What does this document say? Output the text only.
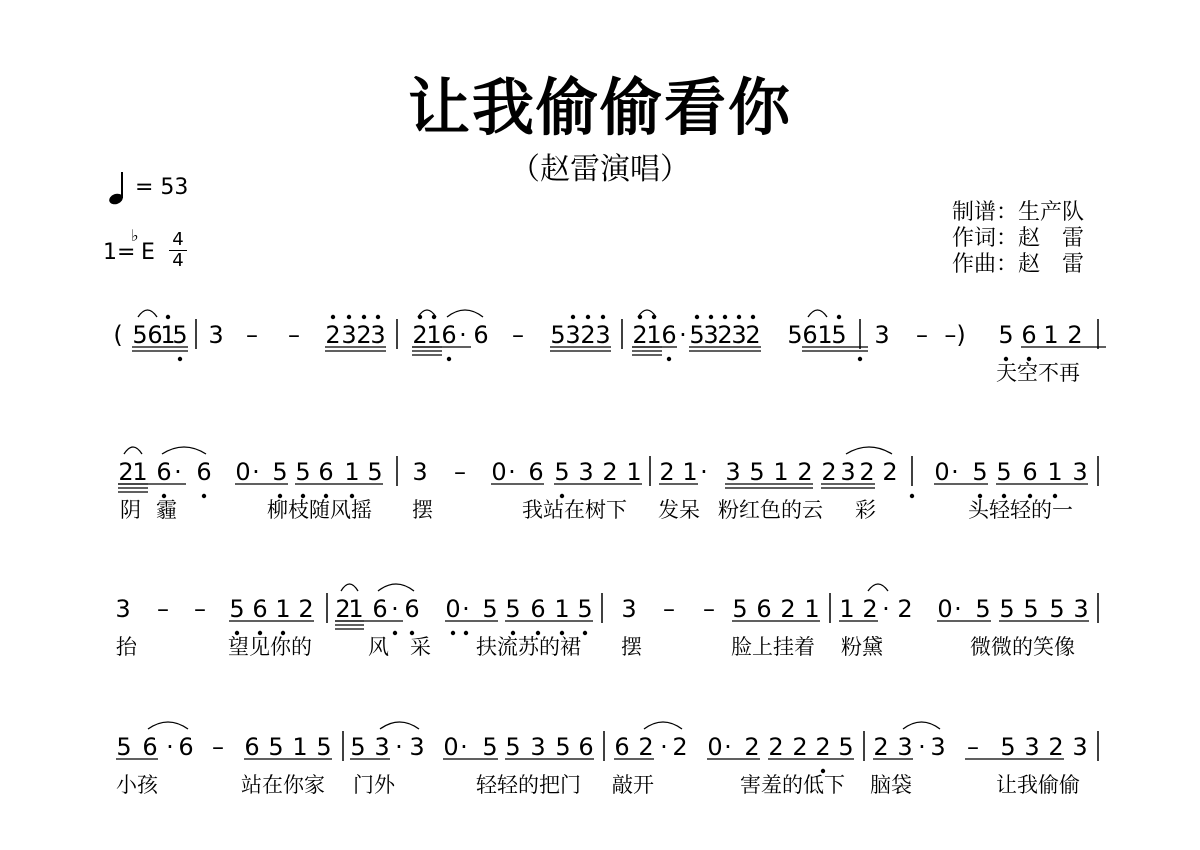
让我偷偷看你
（赵雷演唱）
= 53
1=
♭
E
4
4
制谱：生产队
作词：赵　雷
作曲：赵　雷
( 5 6
1
5 3 – – 2 3 2
3 2
1 6 · 6 – 5 3 2 3 2
1 6 · 5
3
2
3
2 5 6 1
5 3 – –) 5 6 1 2
天空不再
2
1 6 · 6 0 · 5 5 6 1 5 3 – 0 · 6 5 3 2 1 2 1 · 3 5 1 2 2 3 2 2 0 · 5 5 6 1 3
阴 霾	柳枝随风摇 摆	我站在树下 发呆 粉红色的云 彩	头轻轻的一
3 – – 5 6 1 2 2
1 6 · 6 0 · 5 5 6 1 5 3 – – 5 6 2 1 1 2 · 2 0 · 5 5 5 5 3
抬	望见你的	风 采 扶流苏的裙 摆	脸上挂着 粉黛	微微的笑像
5 6 · 6 – 6 5 1 5 5 3 · 3 0 · 5 5 3 5 6 6 2 · 2 0 · 2 2 2 2 5 2 3 · 3 – 5 3 2 3
小孩	站在你家 门外	轻轻的把门 敲开	害羞的低下 脑袋	让我偷偷
